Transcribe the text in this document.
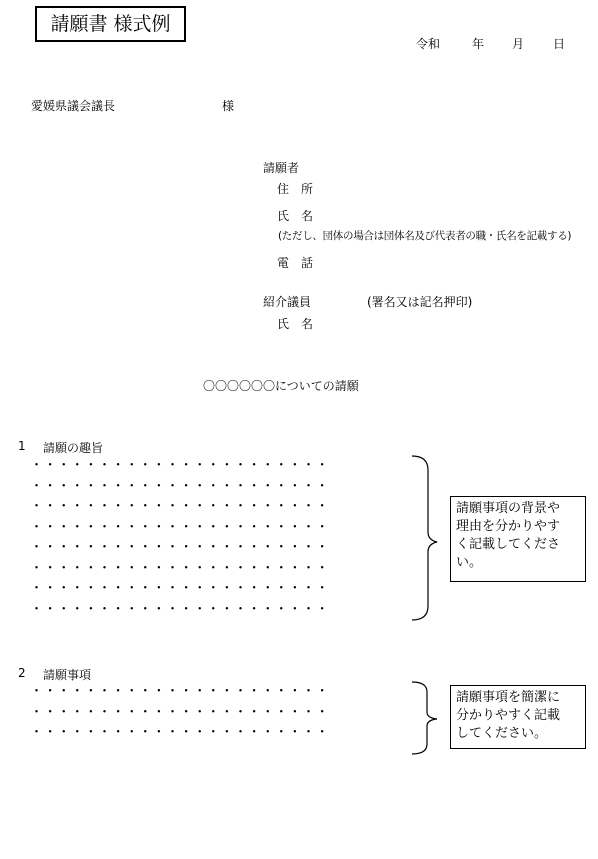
請願書 様式例
令和	年 月 日
愛媛県議会議長	様
請願者
住　所
氏　名
(ただし、団体の場合は団体名及び代表者の職・氏名を記載する)
電　話
紹介議員	(署名又は記名押印)
氏　名
〇〇〇〇〇〇についての請願
1 請願の趣旨
・・・・・・・・・・・・・・・・・・・・・・
・・・・・・・・・・・・・・・・・・・・・・
・・・・・・・・・・・・・・・・・・・・・・
・・・・・・・・・・・・・・・・・・・・・・
・・・・・・・・・・・・・・・・・・・・・・
・・・・・・・・・・・・・・・・・・・・・・
・・・・・・・・・・・・・・・・・・・・・・
・・・・・・・・・・・・・・・・・・・・・・
請願事項の背景や
理由を分かりやす
く記載してくださ
い。
2 請願事項
・・・・・・・・・・・・・・・・・・・・・・
・・・・・・・・・・・・・・・・・・・・・・
・・・・・・・・・・・・・・・・・・・・・・
請願事項を簡潔に
分かりやすく記載
してください。
